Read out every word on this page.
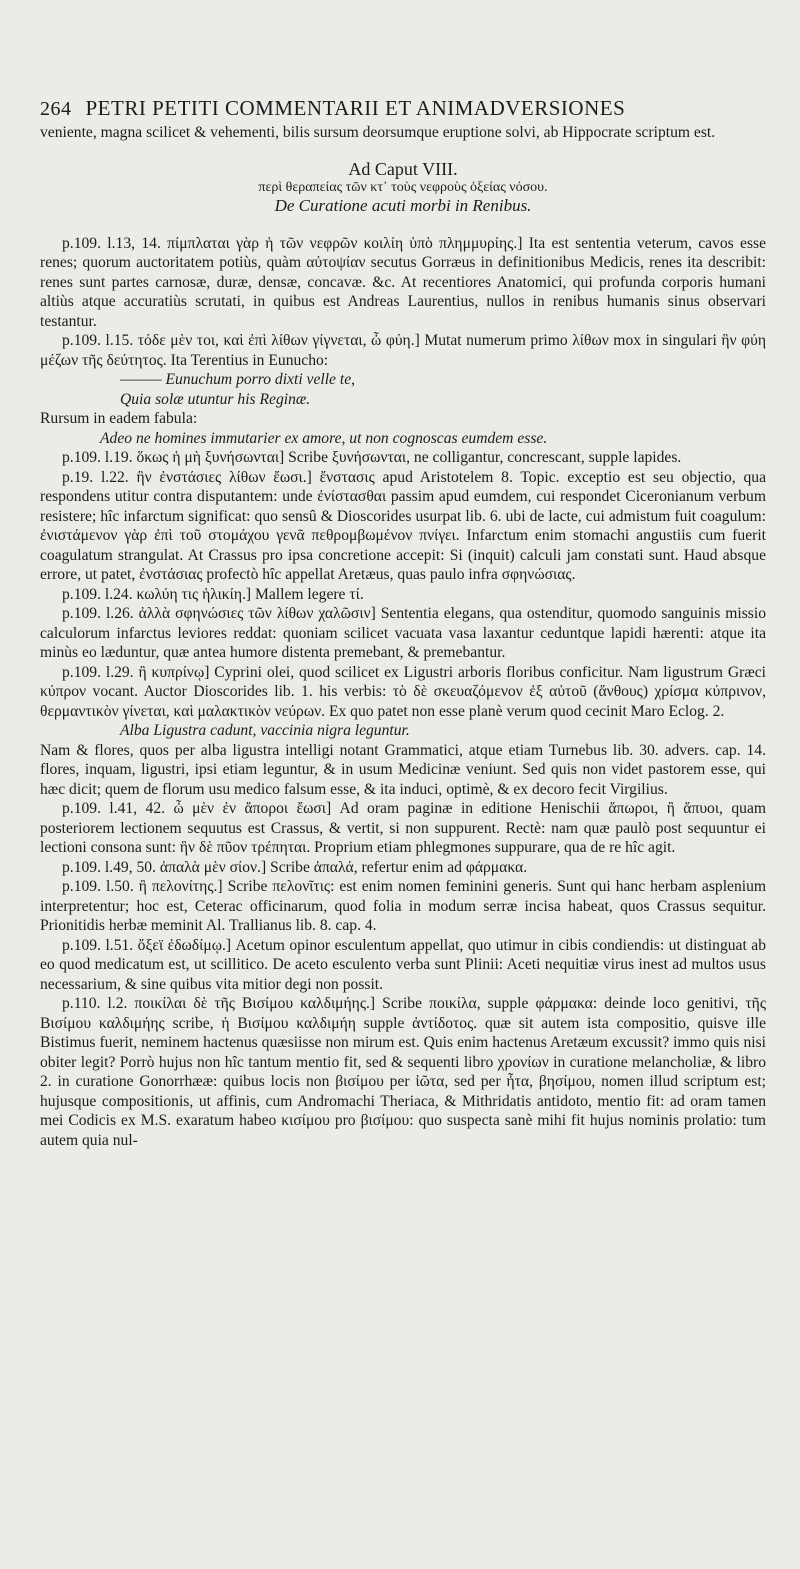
264 PETRI PETITI COMMENTARII ET ANIMADVERSIONES

veniente, magna scilicet & vehementi, bilis sursum deorsumque eruptione solvi, ab Hippocrate scriptum est.

Ad Caput VIII.
περὶ θεραπείας τῶν κτ᾿ τοὺς νεφροὺς ὀξείας νόσου.
De Curatione acuti morbi in Renibus.

p.109. l.13, 14. πίμπλαται γὰρ ἡ τῶν νεφρῶν κοιλίη ὑπὸ πλημμυρίης.] Ita est sententia veterum, cavos esse renes; quorum auctoritatem potiùs, quàm αὐτοψίαν secutus Gorræus in definitionibus Medicis, renes ita describit: renes sunt partes carnosæ, duræ, densæ, concavæ. &c. At recentiores Anatomici, qui profunda corporis humani altiùs atque accuratiùs scrutati, in quibus est Andreas Laurentius, nullos in renibus humanis sinus observari testantur.

p.109. l.15. τόδε μὲν τοι, καὶ ἐπὶ λίθων γίγνεται, ὦ φύη.] Mutat numerum primo λίθων mox in singulari ἣν φύη μέζων τῆς δεύτητος. Ita Terentius in Eunucho:

——— Eunuchum porro dixti velle te,

Quia solæ utuntur his Reginæ.

Rursum in eadem fabula:

Adeo ne homines immutarier ex amore, ut non cognoscas eumdem esse.

p.109. l.19. ὅκως ἡ μὴ ξυνήσωνται] Scribe ξυνήσωνται, ne colligantur, concrescant, supple lapides.

p.19. l.22. ἣν ἐνστάσιες λίθων ἔωσι.] ἔνστασις apud Aristotelem 8. Topic. exceptio est seu objectio, qua respondens utitur contra disputantem: unde ἐνίστασθαι passim apud eumdem, cui respondet Ciceronianum verbum resistere; hîc infarctum significat: quo sensû & Dioscorides usurpat lib. 6. ubi de lacte, cui admistum fuit coagulum: ἐνιστάμενον γὰρ ἐπὶ τοῦ στομάχου γενᾶ πεθρομβωμένον πνίγει. Infarctum enim stomachi angustiis cum fuerit coagulatum strangulat. At Crassus pro ipsa concretione accepit: Si (inquit) calculi jam constati sunt. Haud absque errore, ut patet, ἐνστάσιας profectò hîc appellat Aretæus, quas paulo infra σφηνώσιας.

p.109. l.24. κωλύη τις ἡλικίη.] Mallem legere τί.

p.109. l.26. ἀλλὰ σφηνώσιες τῶν λίθων χαλῶσιν] Sententia elegans, qua ostenditur, quomodo sanguinis missio calculorum infarctus leviores reddat: quoniam scilicet vacuata vasa laxantur ceduntque lapidi hærenti: atque ita minùs eo læduntur, quæ antea humore distenta premebant, & premebantur.

p.109. l.29. ἢ κυπρίνῳ] Cyprini olei, quod scilicet ex Ligustri arboris floribus conficitur. Nam ligustrum Græci κύπρον vocant. Auctor Dioscorides lib. 1. his verbis: τὸ δὲ σκευαζόμενον ἐξ αὐτοῦ (ἄνθους) χρίσμα κύπρινον, θερμαντικὸν γίνεται, καὶ μαλακτικὸν νεύρων. Ex quo patet non esse planè verum quod cecinit Maro Eclog. 2.

Alba Ligustra cadunt, vaccinia nigra leguntur.

Nam & flores, quos per alba ligustra intelligi notant Grammatici, atque etiam Turnebus lib. 30. advers. cap. 14. flores, inquam, ligustri, ipsi etiam leguntur, & in usum Medicinæ veniunt. Sed quis non videt pastorem esse, qui hæc dicit; quem de florum usu medico falsum esse, & ita induci, optimè, & ex decoro fecit Virgilius.

p.109. l.41, 42. ὦ μὲν ἐν ἄποροι ἔωσι] Ad oram paginæ in editione Henischii ἄπωροι, ἢ ἄπυοι, quam posteriorem lectionem sequutus est Crassus, & vertit, si non suppurent. Rectè: nam quæ paulò post sequuntur ei lectioni consona sunt: ἣν δὲ πῦον τρέπηται. Proprium etiam phlegmones suppurare, qua de re hîc agit.

p.109. l.49, 50. ἁπαλὰ μὲν σίον.] Scribe ἁπαλά, refertur enim ad φάρμακα.

p.109. l.50. ἢ πελονίτης.] Scribe πελονῖτις: est enim nomen feminini generis. Sunt qui hanc herbam asplenium interpretentur; hoc est, Ceterac officinarum, quod folia in modum serræ incisa habeat, quos Crassus sequitur. Prionitidis herbæ meminit Al. Trallianus lib. 8. cap. 4.

p.109. l.51. ὄξεϊ ἐδωδίμῳ.] Acetum opinor esculentum appellat, quo utimur in cibis condiendis: ut distinguat ab eo quod medicatum est, ut scillitico. De aceto esculento verba sunt Plinii: Aceti nequitiæ virus inest ad multos usus necessarium, & sine quibus vita mitior degi non possit.

p.110. l.2. ποικίλαι δὲ τῆς Βισίμου καλδιμήης.] Scribe ποικίλα, supple φάρμακα: deinde loco genitivi, τῆς Βισίμου καλδιμήης scribe, ἡ Βισίμου καλδιμήη supple ἀντίδοτος. quæ sit autem ista compositio, quisve ille Bistimus fuerit, neminem hactenus quæsiisse non mirum est. Quis enim hactenus Aretæum excussit? immo quis nisi obiter legit? Porrò hujus non hîc tantum mentio fit, sed & sequenti libro χρονίων in curatione melancholiæ, & libro 2. in curatione Gonorrhææ: quibus locis non βισίμου per ἰῶτα, sed per ἦτα, βησίμου, nomen illud scriptum est; hujusque compositionis, ut affinis, cum Andromachi Theriaca, & Mithridatis antidoto, mentio fit: ad oram tamen mei Codicis ex M.S. exaratum habeo κισίμου pro βισίμου: quo suspecta sanè mihi fit hujus nominis prolatio: tum autem quia nul-
